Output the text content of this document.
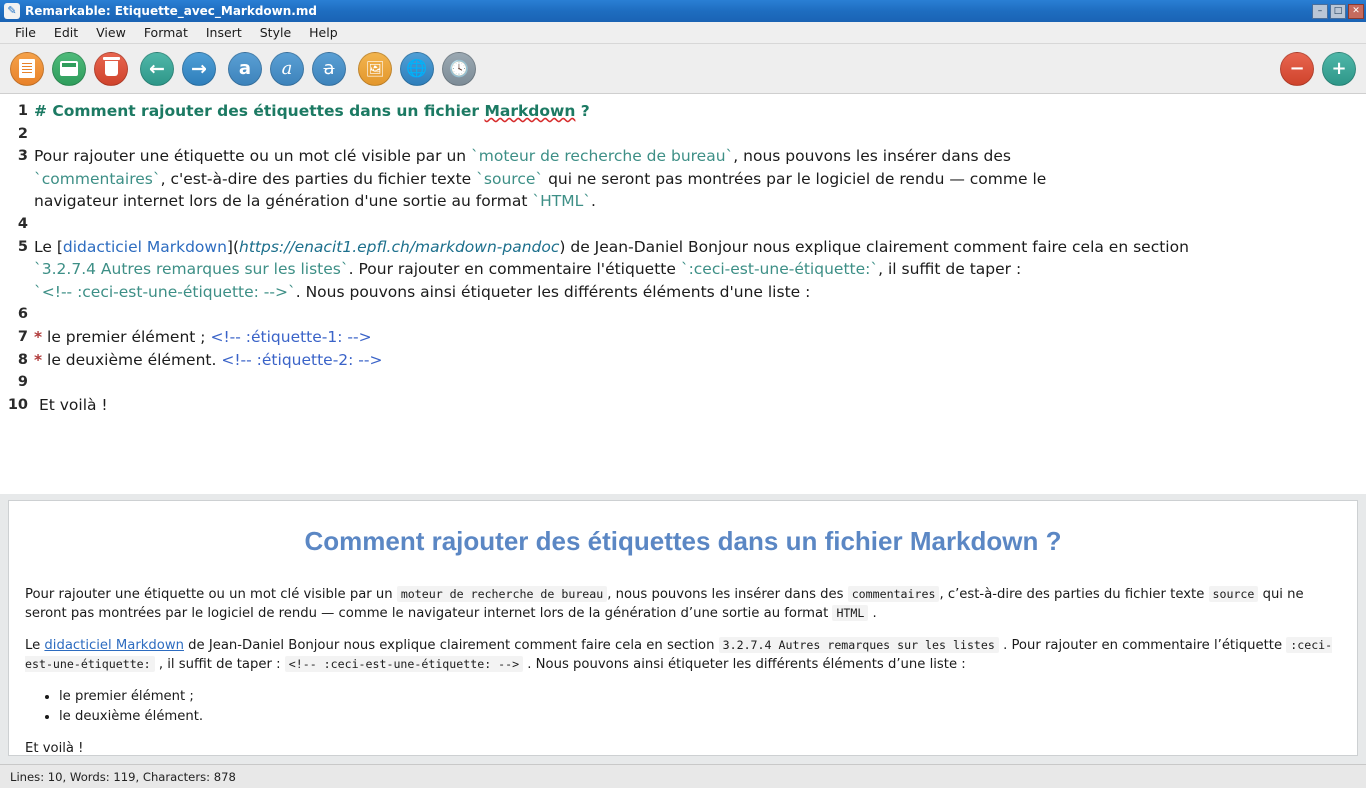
✎ Remarkable: Etiquette_avec_Markdown.md	–	□	✕
File	Edit	View	Format	Insert	Style	Help
← → a a a 🖼 🌐 🕓	− +
1 # Comment rajouter des étiquettes dans un fichier Markdown ?
2

3 Pour rajouter une étiquette ou un mot clé visible par un `moteur de recherche de bureau`, nous pouvons les insérer dans des
`commentaires`, c'est-à-dire des parties du fichier texte `source` qui ne seront pas montrées par le logiciel de rendu — comme le
navigateur internet lors de la génération d'une sortie au format `HTML`.
4

5 Le [didacticiel Markdown](https://enacit1.epfl.ch/markdown-pandoc) de Jean-Daniel Bonjour nous explique clairement comment faire cela en section
`3.2.7.4 Autres remarques sur les listes`. Pour rajouter en commentaire l'étiquette `:ceci-est-une-étiquette:`, il suffit de taper :
`<!-- :ceci-est-une-étiquette: -->`. Nous pouvons ainsi étiqueter les différents éléments d'une liste :
6

7 * le premier élément ; <!-- :étiquette-1: -->
8 * le deuxième élément. <!-- :étiquette-2: -->
9

10 Et voilà !
Comment rajouter des étiquettes dans un fichier Markdown ?

Pour rajouter une étiquette ou un mot clé visible par un moteur de recherche de bureau , nous pouvons les insérer dans des commentaires , c’est-à-dire des parties du fichier texte source qui ne seront pas montrées par le logiciel de rendu — comme le navigateur internet lors de la génération d’une sortie au format HTML .

Le didacticiel Markdown de Jean-Daniel Bonjour nous explique clairement comment faire cela en section 3.2.7.4 Autres remarques sur les listes . Pour rajouter en commentaire l’étiquette :ceci-est-une-étiquette: , il suffit de taper : <!-- :ceci-est-une-étiquette: --> . Nous pouvons ainsi étiqueter les différents éléments d’une liste :

• le premier élément ;
• le deuxième élément.

Et voilà !

Lines: 10, Words: 119, Characters: 878
